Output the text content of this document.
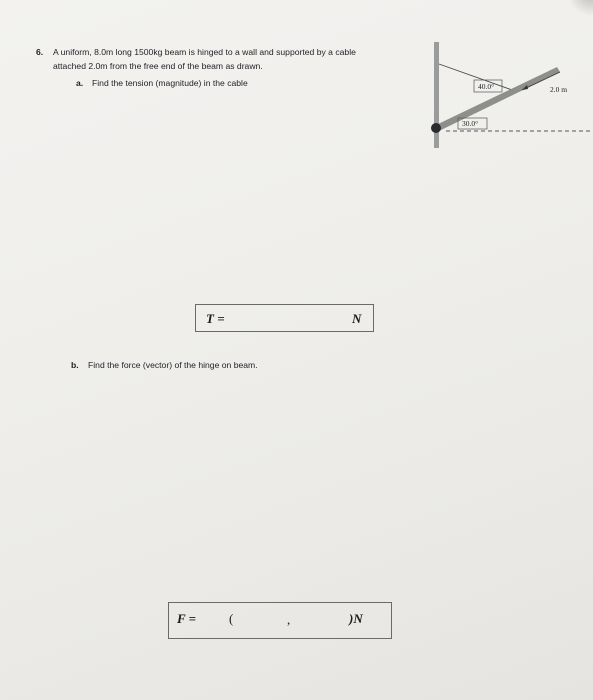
6. A uniform, 8.0m long 1500kg beam is hinged to a wall and supported by a cable
attached 2.0m from the free end of the beam as drawn.
a. Find the tension (magnitude) in the cable
T =	N
b. Find the force (vector) of the hinge on beam.
F =	(	,	)N
40.0°
30.0°
2.0 m
